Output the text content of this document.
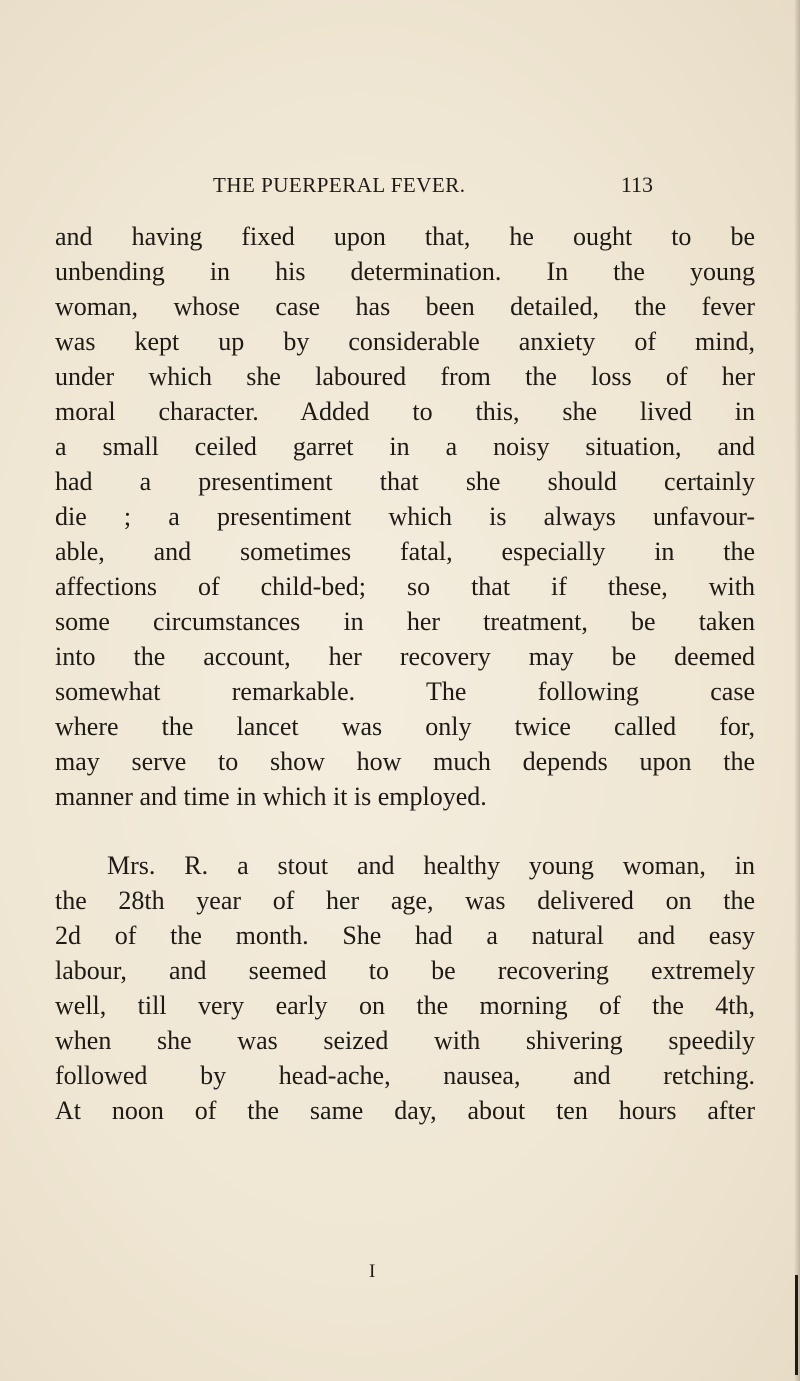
THE PUERPERAL FEVER.	113
and having fixed upon that, he ought to be
unbending in his determination. In the young
woman, whose case has been detailed, the fever
was kept up by considerable anxiety of mind,
under which she laboured from the loss of her
moral character. Added to this, she lived in
a small ceiled garret in a noisy situation, and
had a presentiment that she should certainly
die ; a presentiment which is always unfavour-
able, and sometimes fatal, especially in the
affections of child-bed; so that if these, with
some circumstances in her treatment, be taken
into the account, her recovery may be deemed
somewhat remarkable. The following case
where the lancet was only twice called for,
may serve to show how much depends upon the
manner and time in which it is employed.
Mrs. R. a stout and healthy young woman, in
the 28th year of her age, was delivered on the
2d of the month. She had a natural and easy
labour, and seemed to be recovering extremely
well, till very early on the morning of the 4th,
when she was seized with shivering speedily
followed by head-ache, nausea, and retching.
At noon of the same day, about ten hours after
I
